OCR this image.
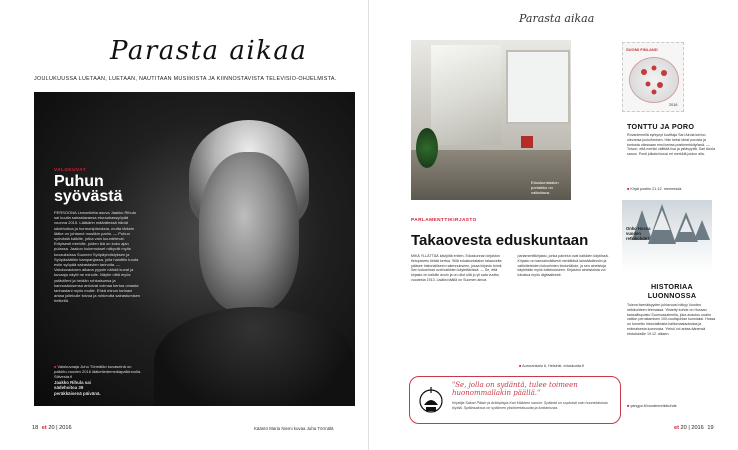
Parasta aikaa
JOULUKUUSSA LUETAAN, LUETAAN, NAUTITAAN MUSIIKISTA JA KIINNOSTAVISTA TELEVISIO-OHJELMISTA.
VALOKUVAT
Puhun syövästä
PERSOONA Lewonlietta asuva Jaakko Rihula sai kuulla sairastavansa eturauhassyöpää vuonna 2015. Lääkärin määrätessä häntä sädehoitoa ja hormonipistoksia, mutta tärkein lääke on johtanut musiikin pariin. — Puhun syövästä kaikille, jotka vain kuuntelevat. Erityisesti miehille, joiden ikä on koko ajan pulassa. Jaakon kokemukset näkyvät myös kuvauksissa Suomen Syöpäyhdistyksen ja Syöpäsäätiön kampanjassa, jolla haluttiin tuoda esiin syöpää sairastavien tarinoita. — Valokuvauksen aikana pyysin nähdä kuvat ja kuvaaja näytti ne minulle. Näytin niitä myös ystävilleni ja heidän rohkaisunsa ja kannustuksensa antoivat voimaa kertoa omasta tarinastani myös muille. Ehkä minun tarinani antaa jollekulle toivoa ja rohkeutta sairastumisen hetkellä.
■ Valokuvaaja Juho Törmälän kuvaseinä on palkittu vuoden 2016 lääketiedemediapalkinnolla. Stiivesta.fi
Jaakko Rihula sai sädehoitoa 39 peräkkäisenä päivänä.
18 et 20 | 2016	Kääntö Maria Niemi kuvaa Juha Törmälä
Parasta aikaa
Eduskuntatalon portaikko on vaikuttava.
PARLAMENTTIKIRJASTO
Takaovesta eduskuntaan
MIKÄ YLLÄTTÄÄ kävijöitä eniten, Eduskunnan kirjaston tietopalvelu tietää kertoa. Sillä eduskuntatalon takaovelta pääsee historialliseen rakennukseen, jossa kirjasto toimii. Sen kokoelmat ovat kaikkien käytettävissä. — Se, että kirjasto on kaikille avoin ja on ollut sitä jo yli sata vuotta, vuodesta 1913. Lisäksi täällä on Suomen ainoa parlamenttikirjasto, jonka palvelut ovat kaikkien käytössä. Kirjasto on kansainvälisesti merkittävä lainsäädännön ja valtiotieteiden kokoelmien tiedonlähde, ja sen aineistoja käytetään myös tutkimukseen. Kirjaston aineistoista voi tutustua myös digitaalisesti.
■ Aurorankatu 6, Helsinki. eduskunta.fi
"Se, jolla on sydäntä, tulee toimeen huonommallakin päällä."
Kirjailija Sakari Pälsin ja Arkkipiispa Kari Mäkisen sanoin: Sydäntä on sopivasti vain huonekaluista löytää. Sydänsairaus on sydämen yksinkertaisuutta ja luottamusta.
SUOMI FINLAND
2016
TONTTU JA PORO
Rovaniemellä syntynyt kuvittaja Sari Airola kertoo olevansa jouluihminen. Hän keksi ideat porosta ja tontusta ollessaan ensi kertaa postimerkkityössä. — Toivon, että merkki välittää iloa ja ystävyyttä, Sari Airola sanoo. Posti julkaisi kuusi eri merkkiä joulun alla.
■ Kirjat postiin 21.12. mennessä.
Onko Hossa vuoden retkikohde?
HISTORIAA LUONNOSSA
Tuleva itsenäisyyden juhlavuosi näkyy Vuoden retkikohteen teemassa. Ylistetty kohde on Hossan kansallispuisto Suomussalmella, joka avautuu uuden valtion perustamisen 100-vuotisjuhlan kunniaksi. Hossa on tunnettu historiallisista kalliomaalauksista ja erämaisesta luonnosta. Yleisö voi antaa äänensä ehdotuksille 19.12. alkaen.
■ yangpo.fi/vuodenretkikohde
et 20 | 2016 19
